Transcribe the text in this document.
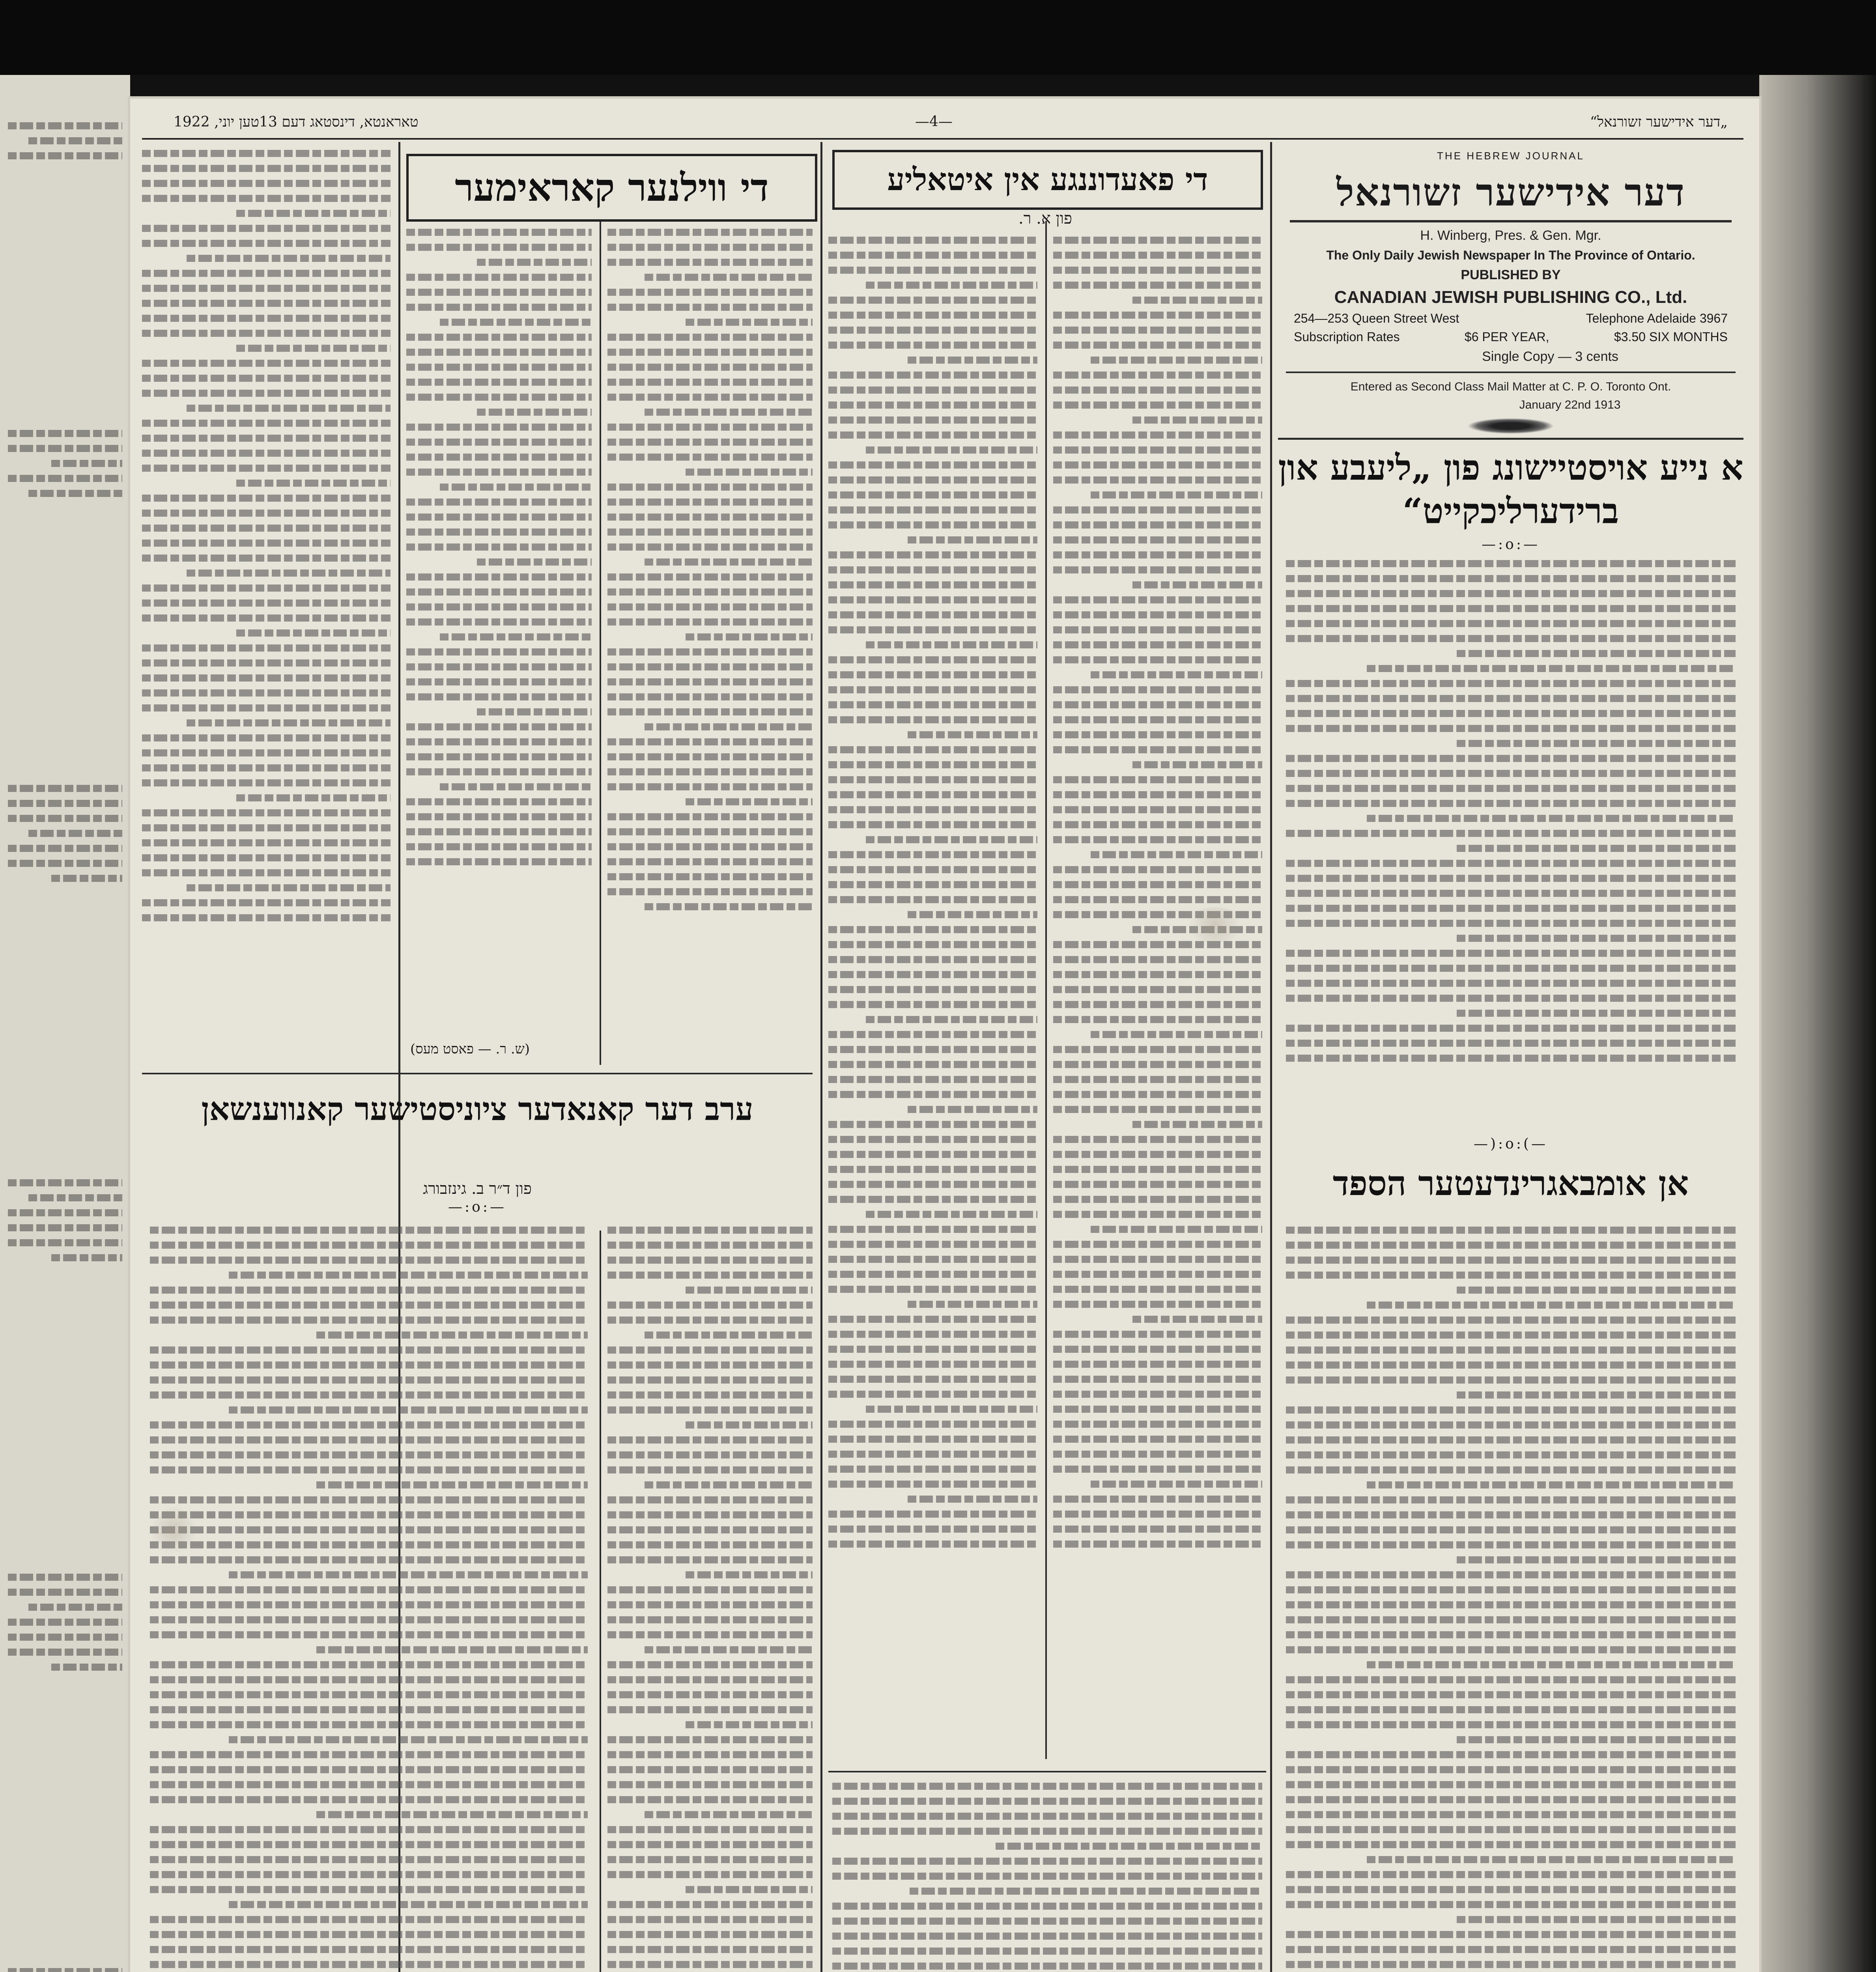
טאראנטא, דינסטאג דעם 13טען יוני, 1922	—4—	„דער אידישער זשורנאל“
THE HEBREW JOURNAL
דער אידישער זשורנאל
H. Winberg, Pres. & Gen. Mgr.
The Only Daily Jewish Newspaper In The Province of Ontario.
PUBLISHED BY
CANADIAN JEWISH PUBLISHING CO., Ltd.
254—253 Queen Street West	Telephone Adelaide 3967
Subscription Rates	$6 PER YEAR,	$3.50 SIX MONTHS
Single Copy — 3 cents
Entered as Second Class Mail Matter at C. P. O. Toronto Ont.
January 22nd 1913
א נייע אויסטיישונג פון „ליעבע און ברידערליכקייט“
—:o:—
—):o:(—
אן אומבאגרינדעטער הספד
די פאעדוננגע אין איטאליע
פון א. ר.
די ווילנער קאראימער
(ש. ר. — פאסט מעס)
ערב דער קאנאדער ציוניסטישער קאנווענשאן
פון ד״ר ב. גינזבורג
—:o:—
